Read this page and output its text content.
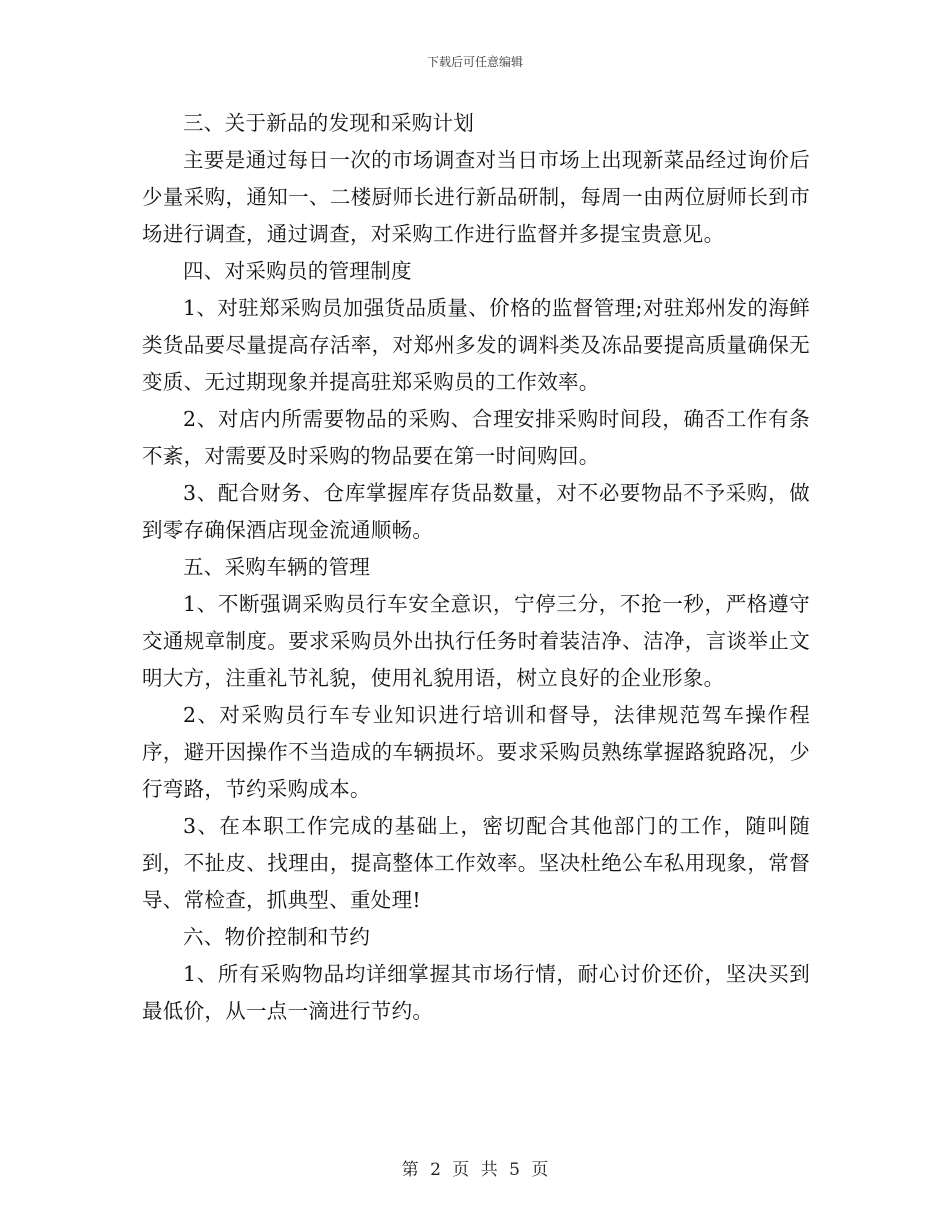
下载后可任意编辑

三、关于新品的发现和采购计划

主要是通过每日一次的市场调查对当日市场上出现新菜品经过询价后少量采购，通知一、二楼厨师长进行新品研制，每周一由两位厨师长到市场进行调查，通过调查，对采购工作进行监督并多提宝贵意见。

四、对采购员的管理制度

1、对驻郑采购员加强货品质量、价格的监督管理;对驻郑州发的海鲜类货品要尽量提高存活率，对郑州多发的调料类及冻品要提高质量确保无变质、无过期现象并提高驻郑采购员的工作效率。

2、对店内所需要物品的采购、合理安排采购时间段，确否工作有条不紊，对需要及时采购的物品要在第一时间购回。

3、配合财务、仓库掌握库存货品数量，对不必要物品不予采购，做到零存确保酒店现金流通顺畅。

五、采购车辆的管理

1、不断强调采购员行车安全意识，宁停三分，不抢一秒，严格遵守交通规章制度。要求采购员外出执行任务时着装洁净、洁净，言谈举止文明大方，注重礼节礼貌，使用礼貌用语，树立良好的企业形象。

2、对采购员行车专业知识进行培训和督导，法律规范驾车操作程序，避开因操作不当造成的车辆损坏。要求采购员熟练掌握路貌路况，少行弯路，节约采购成本。

3、在本职工作完成的基础上，密切配合其他部门的工作，随叫随到，不扯皮、找理由，提高整体工作效率。坚决杜绝公车私用现象，常督导、常检查，抓典型、重处理!

六、物价控制和节约

1、所有采购物品均详细掌握其市场行情，耐心讨价还价，坚决买到最低价，从一点一滴进行节约。

第 2 页 共 5 页
